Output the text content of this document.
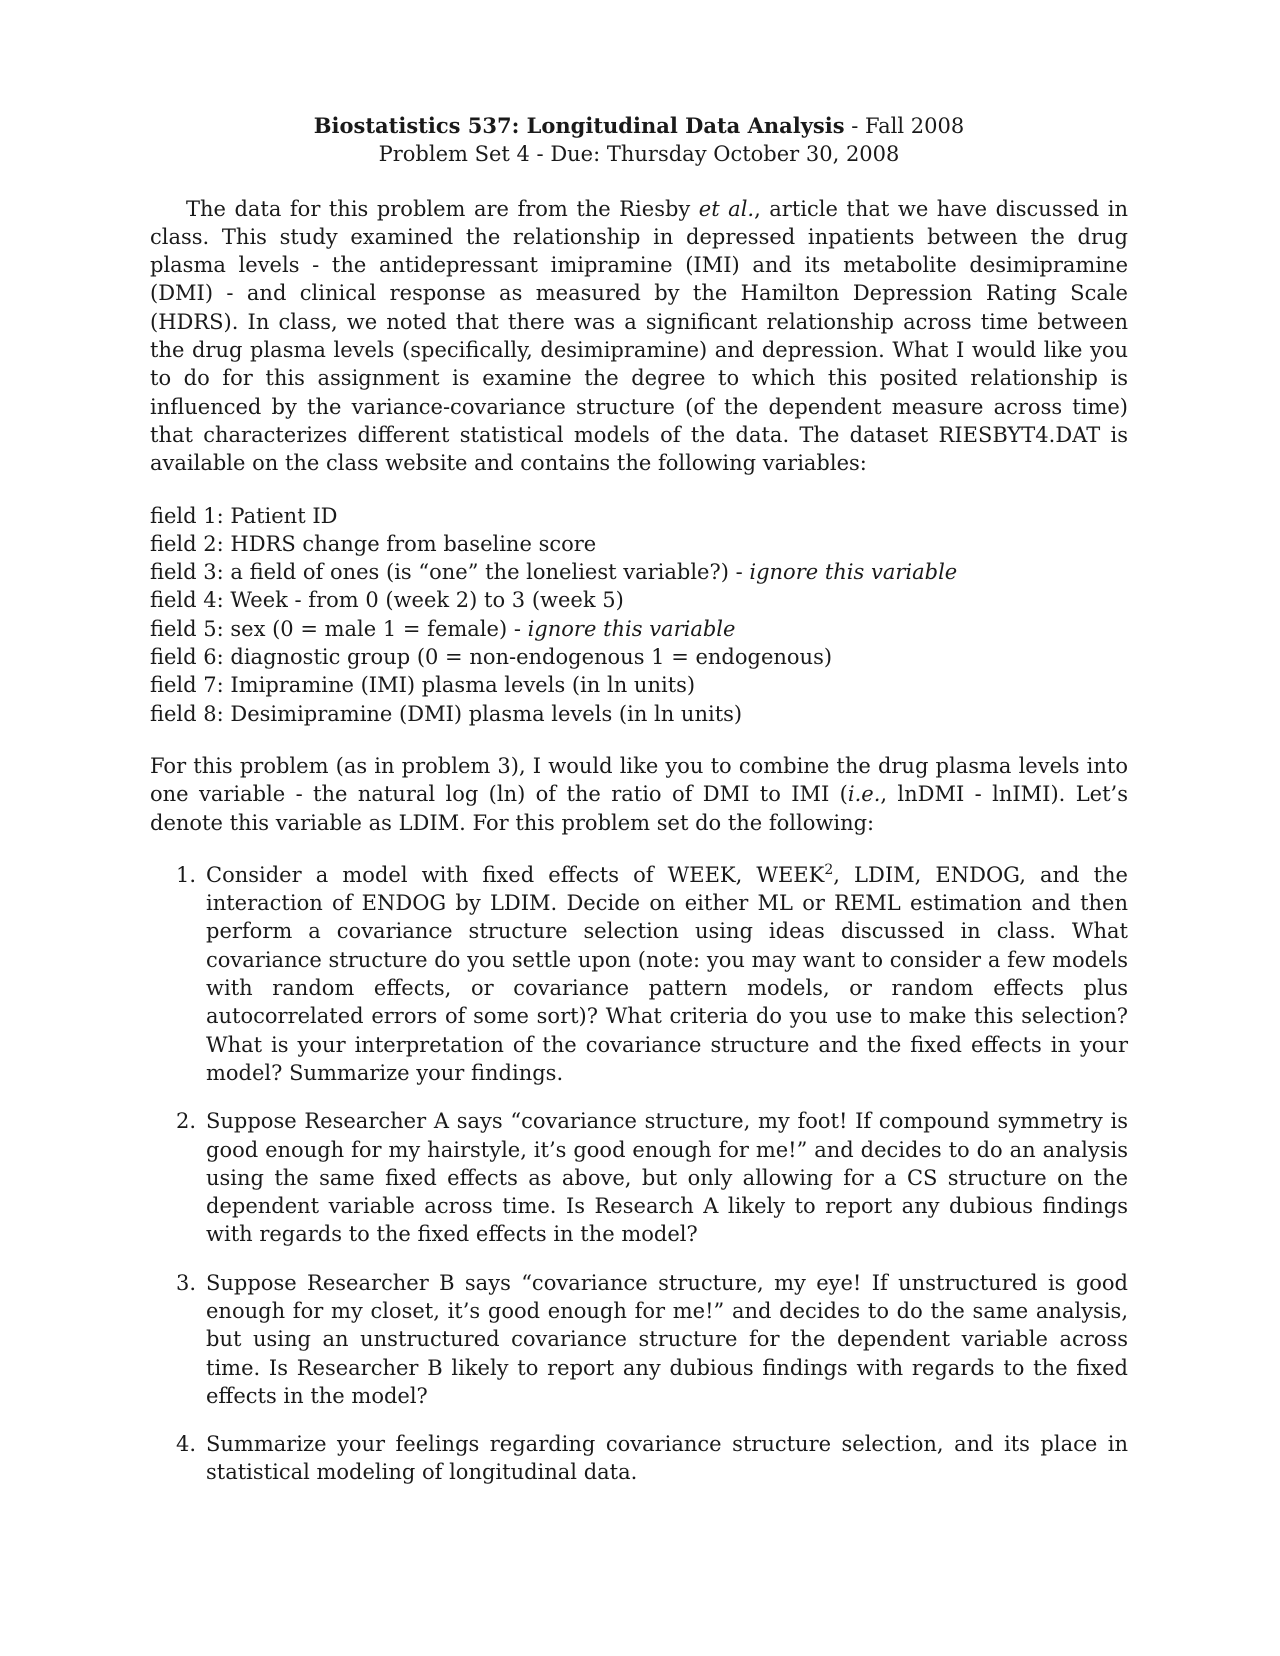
Biostatistics 537: Longitudinal Data Analysis - Fall 2008
Problem Set 4 - Due: Thursday October 30, 2008

The data for this problem are from the Riesby et al., article that we have discussed in class. This study examined the relationship in depressed inpatients between the drug plasma levels - the antidepressant imipramine (IMI) and its metabolite desimipramine (DMI) - and clinical response as measured by the Hamilton Depression Rating Scale (HDRS). In class, we noted that there was a significant relationship across time between the drug plasma levels (specifically, desimipramine) and depression. What I would like you to do for this assignment is examine the degree to which this posited relationship is influenced by the variance-covariance structure (of the dependent measure across time) that characterizes different statistical models of the data. The dataset RIESBYT4.DAT is available on the class website and contains the following variables:

field 1: Patient ID
field 2: HDRS change from baseline score
field 3: a field of ones (is “one” the loneliest variable?) - ignore this variable
field 4: Week - from 0 (week 2) to 3 (week 5)
field 5: sex (0 = male 1 = female) - ignore this variable
field 6: diagnostic group (0 = non-endogenous 1 = endogenous)
field 7: Imipramine (IMI) plasma levels (in ln units)
field 8: Desimipramine (DMI) plasma levels (in ln units)

For this problem (as in problem 3), I would like you to combine the drug plasma levels into one variable - the natural log (ln) of the ratio of DMI to IMI (i.e., lnDMI - lnIMI). Let’s denote this variable as LDIM. For this problem set do the following:

1. Consider a model with fixed effects of WEEK, WEEK$^2$, LDIM, ENDOG, and the interaction of ENDOG by LDIM. Decide on either ML or REML estimation and then perform a covariance structure selection using ideas discussed in class. What covariance structure do you settle upon (note: you may want to consider a few models with random effects, or covariance pattern models, or random effects plus autocorrelated errors of some sort)? What criteria do you use to make this selection? What is your interpretation of the covariance structure and the fixed effects in your model? Summarize your findings.
2. Suppose Researcher A says “covariance structure, my foot! If compound symmetry is good enough for my hairstyle, it’s good enough for me!” and decides to do an analysis using the same fixed effects as above, but only allowing for a CS structure on the dependent variable across time. Is Research A likely to report any dubious findings with regards to the fixed effects in the model?
3. Suppose Researcher B says “covariance structure, my eye! If unstructured is good enough for my closet, it’s good enough for me!” and decides to do the same analysis, but using an unstructured covariance structure for the dependent variable across time. Is Researcher B likely to report any dubious findings with regards to the fixed effects in the model?
4. Summarize your feelings regarding covariance structure selection, and its place in statistical modeling of longitudinal data.
